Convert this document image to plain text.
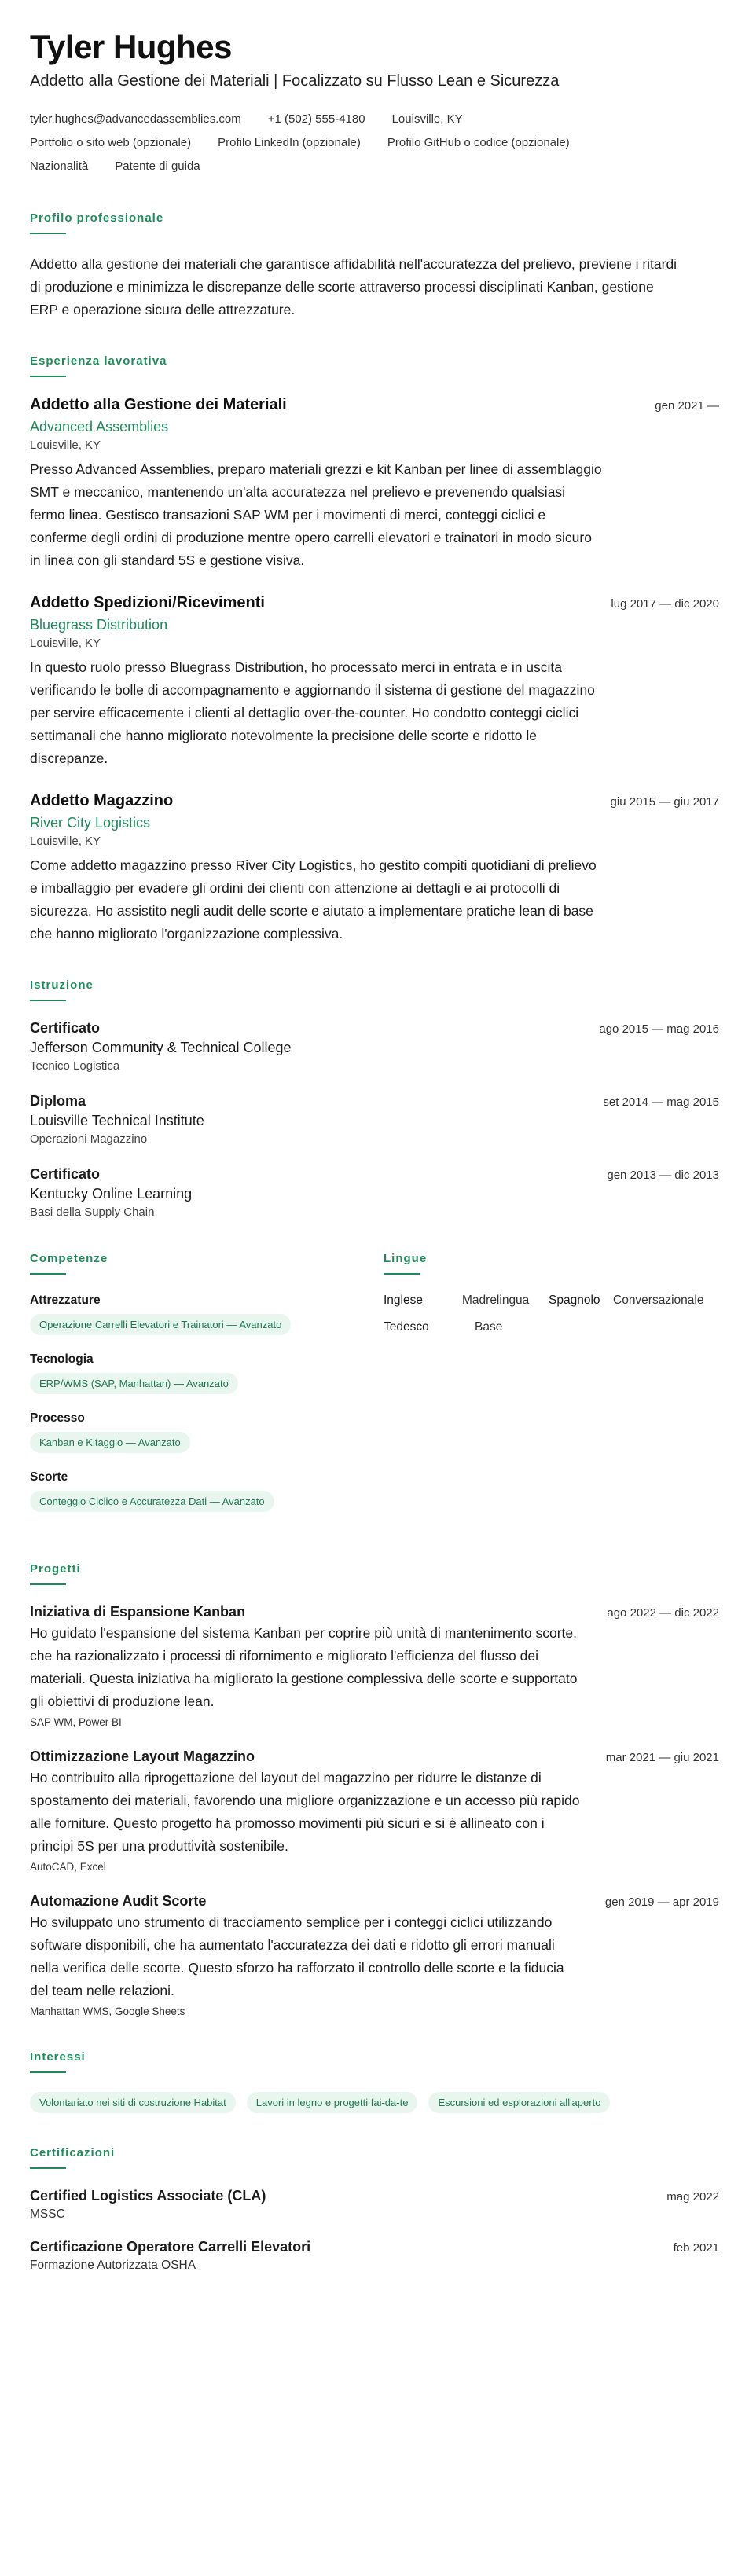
Tyler Hughes
Addetto alla Gestione dei Materiali | Focalizzato su Flusso Lean e Sicurezza
tyler.hughes@advancedassemblies.com +1 (502) 555-4180 Louisville, KY
Portfolio o sito web (opzionale) Profilo LinkedIn (opzionale) Profilo GitHub o codice (opzionale)
Nazionalità Patente di guida
Profilo professionale

Addetto alla gestione dei materiali che garantisce affidabilità nell'accuratezza del prelievo, previene i ritardi di produzione e minimizza le discrepanze delle scorte attraverso processi disciplinati Kanban, gestione ERP e operazione sicura delle attrezzature.

Esperienza lavorativa
Addetto alla Gestione dei Materiali	gen 2021 —
Advanced Assemblies
Louisville, KY

Presso Advanced Assemblies, preparo materiali grezzi e kit Kanban per linee di assemblaggio SMT e meccanico, mantenendo un'alta accuratezza nel prelievo e prevenendo qualsiasi fermo linea. Gestisco transazioni SAP WM per i movimenti di merci, conteggi ciclici e conferme degli ordini di produzione mentre opero carrelli elevatori e trainatori in modo sicuro in linea con gli standard 5S e gestione visiva.

Addetto Spedizioni/Ricevimenti	lug 2017 — dic 2020
Bluegrass Distribution
Louisville, KY

In questo ruolo presso Bluegrass Distribution, ho processato merci in entrata e in uscita verificando le bolle di accompagnamento e aggiornando il sistema di gestione del magazzino per servire efficacemente i clienti al dettaglio over-the-counter. Ho condotto conteggi ciclici settimanali che hanno migliorato notevolmente la precisione delle scorte e ridotto le discrepanze.

Addetto Magazzino	giu 2015 — giu 2017
River City Logistics
Louisville, KY

Come addetto magazzino presso River City Logistics, ho gestito compiti quotidiani di prelievo e imballaggio per evadere gli ordini dei clienti con attenzione ai dettagli e ai protocolli di sicurezza. Ho assistito negli audit delle scorte e aiutato a implementare pratiche lean di base che hanno migliorato l'organizzazione complessiva.

Istruzione
Certificato	ago 2015 — mag 2016
Jefferson Community & Technical College
Tecnico Logistica
Diploma	set 2014 — mag 2015
Louisville Technical Institute
Operazioni Magazzino
Certificato	gen 2013 — dic 2013
Kentucky Online Learning
Basi della Supply Chain
Competenze
Attrezzature
Operazione Carrelli Elevatori e Trainatori — Avanzato
Tecnologia
ERP/WMS (SAP, Manhattan) — Avanzato
Processo
Kanban e Kitaggio — Avanzato
Scorte
Conteggio Ciclico e Accuratezza Dati — Avanzato
Lingue
Inglese	Madrelingua	Spagnolo	Conversazionale
Tedesco	Base
Progetti
Iniziativa di Espansione Kanban	ago 2022 — dic 2022

Ho guidato l'espansione del sistema Kanban per coprire più unità di mantenimento scorte, che ha razionalizzato i processi di rifornimento e migliorato l'efficienza del flusso dei materiali. Questa iniziativa ha migliorato la gestione complessiva delle scorte e supportato gli obiettivi di produzione lean.

SAP WM, Power BI
Ottimizzazione Layout Magazzino	mar 2021 — giu 2021

Ho contribuito alla riprogettazione del layout del magazzino per ridurre le distanze di spostamento dei materiali, favorendo una migliore organizzazione e un accesso più rapido alle forniture. Questo progetto ha promosso movimenti più sicuri e si è allineato con i principi 5S per una produttività sostenibile.

AutoCAD, Excel
Automazione Audit Scorte	gen 2019 — apr 2019

Ho sviluppato uno strumento di tracciamento semplice per i conteggi ciclici utilizzando software disponibili, che ha aumentato l'accuratezza dei dati e ridotto gli errori manuali nella verifica delle scorte. Questo sforzo ha rafforzato il controllo delle scorte e la fiducia del team nelle relazioni.

Manhattan WMS, Google Sheets
Interessi
Volontariato nei siti di costruzione Habitat	Lavori in legno e progetti fai-da-te	Escursioni ed esplorazioni all'aperto
Certificazioni
Certified Logistics Associate (CLA)	mag 2022
MSSC
Certificazione Operatore Carrelli Elevatori	feb 2021
Formazione Autorizzata OSHA
